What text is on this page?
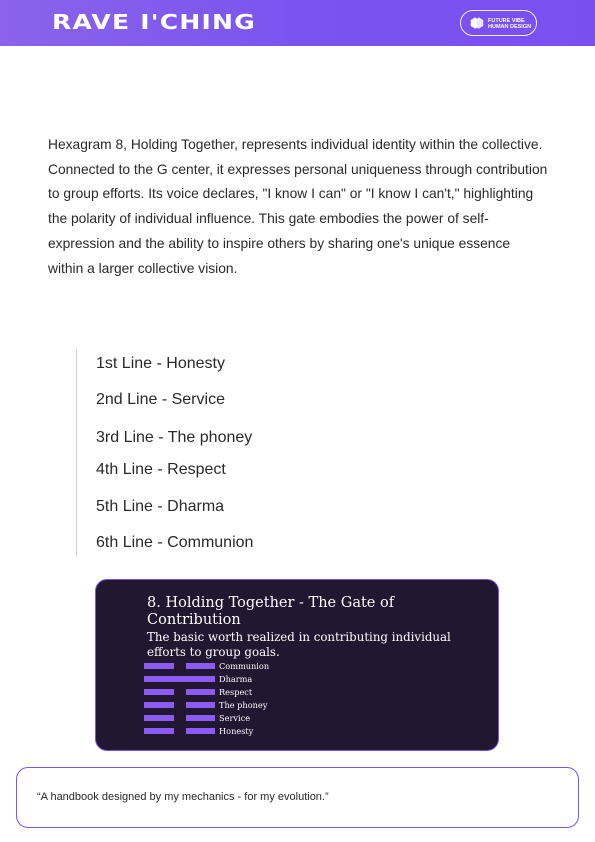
RAVE I'CHING	FUTURE VIBE
HUMAN DESIGN

Hexagram 8, Holding Together, represents individual identity within the collective. Connected to the G center, it expresses personal uniqueness through contribution to group efforts. Its voice declares, "I know I can" or "I know I can't," highlighting the polarity of individual influence. This gate embodies the power of self-expression and the ability to inspire others by sharing one's unique essence within a larger collective vision.

1st Line - Honesty
2nd Line - Service
3rd Line - The phoney
4th Line - Respect
5th Line - Dharma
6th Line - Communion
8. Holding Together - The Gate of Contribution
The basic worth realized in contributing individual efforts to group goals.
Communion
Dharma
Respect
The phoney
Service
Honesty
“A handbook designed by my mechanics - for my evolution.”
